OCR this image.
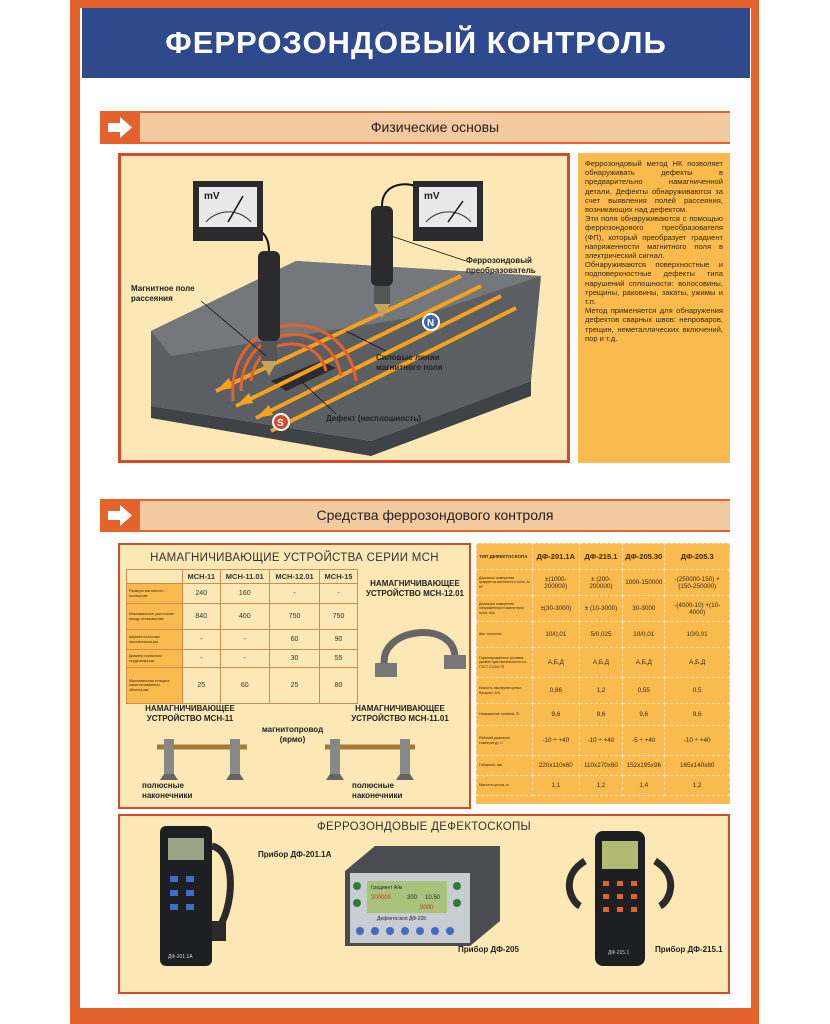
ФЕРРОЗОНДОВЫЙ КОНТРОЛЬ
Физические основы
mV	mV
N
S
Магнитное поле рассеяния
Феррозондовый преобразователь
Силовые линии магнитного поля
Дефект (несплошность)

Феррозондовый метод НК позволяет обнаруживать дефекты в предварительно намагниченной детали. Дефекты обнаруживаются за счет выявления полей рассеяния, возникающих над дефектом.

Эти поля обнаруживаются с помощью феррозондового преобразователя (ФП), который преобразует градиент напряженности магнитного поля в электрический сигнал.

Обнаруживаются поверхностные и подповерхностные дефекты типа нарушений сплошности: волосовины, трещины, раковины, закаты, ужимы и т.п.

Метод применяется для обнаружения дефектов сварных швов: непроваров, трещин, неметаллических включений, пор и т.д.

Средства феррозондового контроля
НАМАГНИЧИВАЮЩИЕ УСТРОЙСТВА СЕРИИ МСН
	МСН-11	МСН-11.01	МСН-12.01	МСН-15
Размеры магнитного полюса,мм	240	160	-	-
Максимальное расстояние между полюсами,мм	840	400	750	750
Ширина полюсных наконечников,мм	-	-	60	90
Диаметр полюсного сердечника,мм	-	-	30	55
Максимальная толщина намагничиваемого объекта,мм	25	60	25	80
НАМАГНИЧИВАЮЩЕЕ УСТРОЙСТВО МСН-12.01
НАМАГНИЧИВАЮЩЕЕ УСТРОЙСТВО МСН-11
НАМАГНИЧИВАЮЩЕЕ УСТРОЙСТВО МСН-11.01
магнитопровод (ярмо)
полюсные наконечники
полюсные наконечники
ТИП ДЕФЕКТОСКОПА	ДФ-201.1А	ДФ-215.1	ДФ-205.30	ДФ-205.3
Диапазон измерения градиента магнитного поля, А/м²	±(1000-200000)	± (200-200000)	1000-150000	-(250000-150) +(150-250000)
Диапазон измерения напряженности магнитного поля, А/м	±(30-3000)	± (10-3000)	30-3000	-(4000-10) +(10-4000)
Шаг точности	10/0,01	5/0,025	10/0,01	10/0,01
Гарантированные условия уровня чувствительности по ГОСТ 21104-75	А,Б,Д	А,Б,Д	А,Б,Д	А,Б,Д
Емкость аккумуляторных батарей, А*ч	0,86	1,2	0,55	0,5
Напряжение питания, В	9,6	9,6	9,6	9,6
Рабочий диапазон температур, С	-10 ÷ +40	-10 ÷ +40	-5 ÷ +40	-10 ÷ +40
Габариты, мм	220х110х60	110х270х60	152х195х96	165х140х80
Масса в целом, кг	1,1	1,2	1,4	1,2
ФЕРРОЗОНДОВЫЕ ДЕФЕКТОСКОПЫ
ДФ-201.1А
Прибор ДФ-201.1А
Градиент А/м
200000	300 10.50
0000
Дефектоскоп ДФ-205
Прибор ДФ-205	ДФ-215.1	Прибор ДФ-215.1
